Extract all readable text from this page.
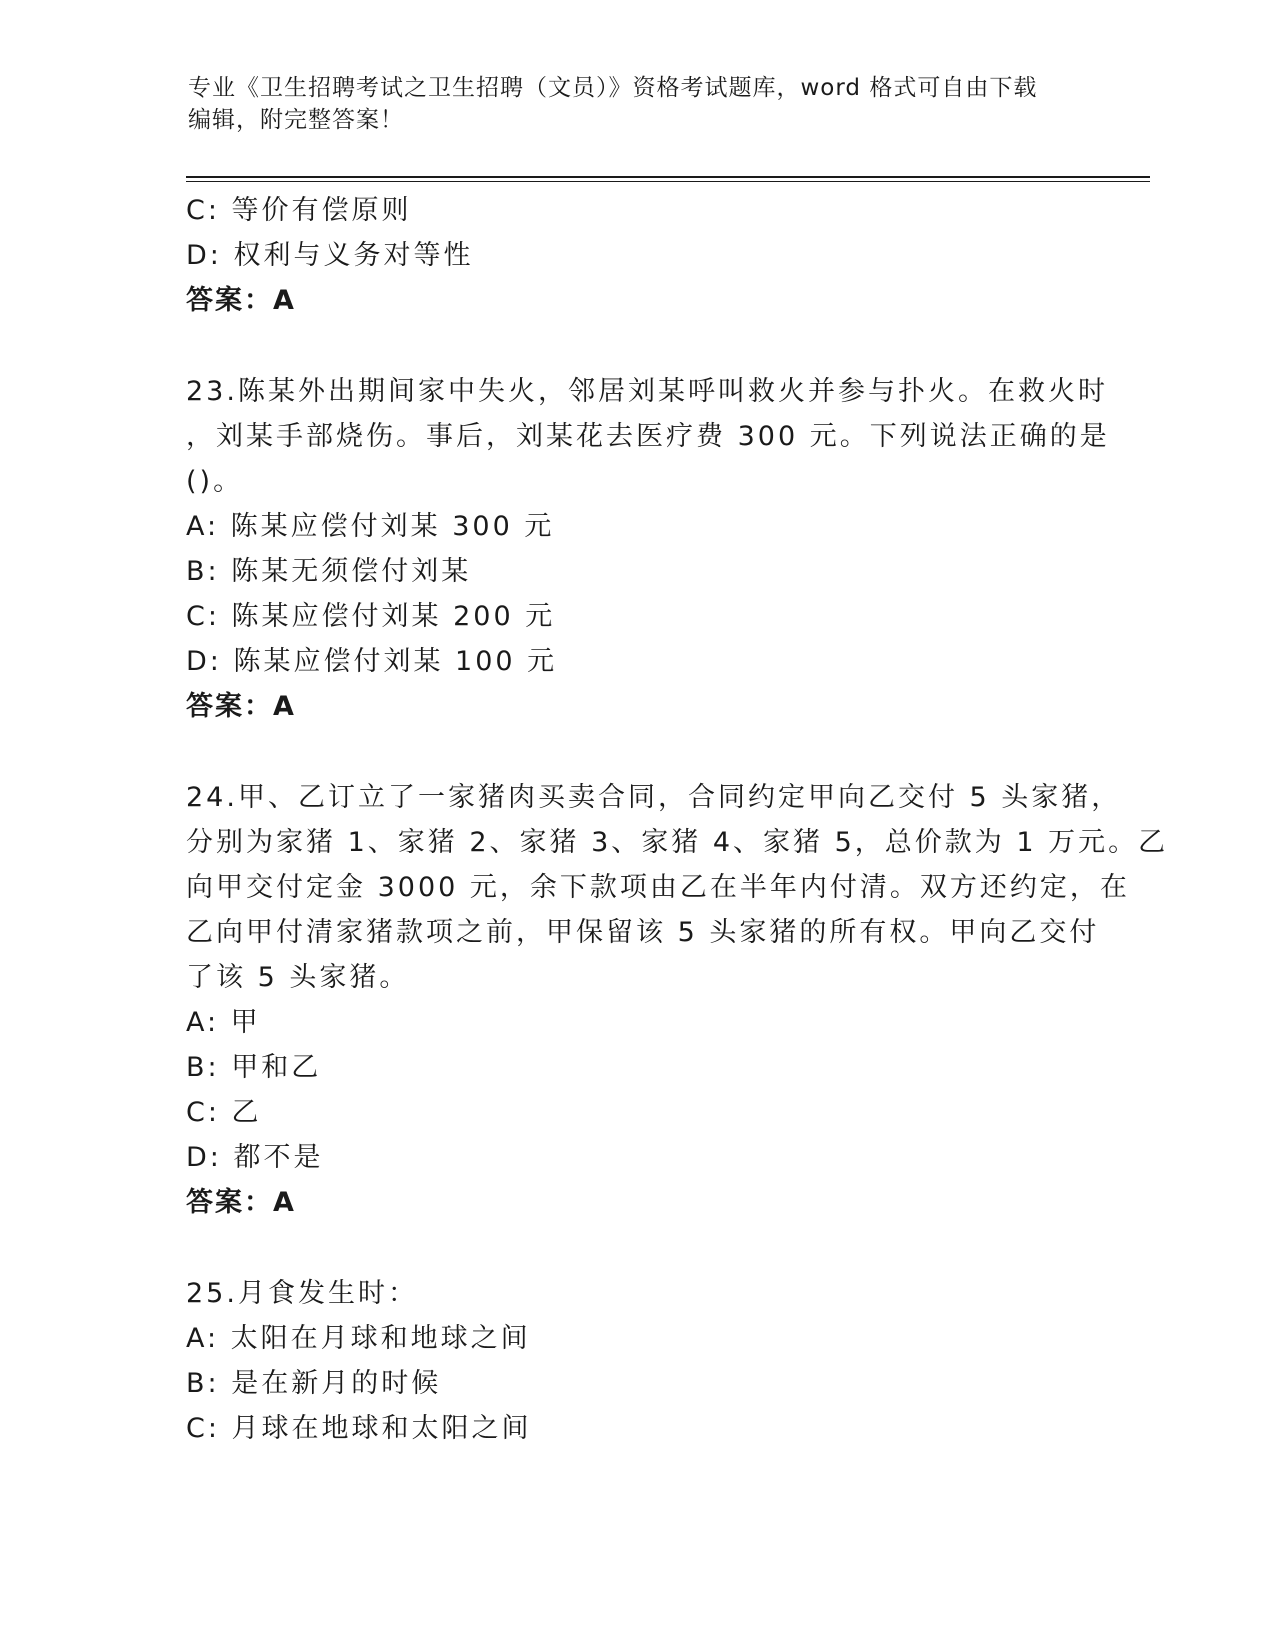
专业《卫生招聘考试之卫生招聘（文员）》资格考试题库，word 格式可自由下载
编辑，附完整答案！
C: 等价有偿原则
D: 权利与义务对等性
答案：A
23.陈某外出期间家中失火，邻居刘某呼叫救火并参与扑火。在救火时
，刘某手部烧伤。事后，刘某花去医疗费 300 元。下列说法正确的是
()。
A: 陈某应偿付刘某 300 元
B: 陈某无须偿付刘某
C: 陈某应偿付刘某 200 元
D: 陈某应偿付刘某 100 元
答案：A
24.甲、乙订立了一家猪肉买卖合同，合同约定甲向乙交付 5 头家猪，
分别为家猪 1、家猪 2、家猪 3、家猪 4、家猪 5，总价款为 1 万元。乙
向甲交付定金 3000 元，余下款项由乙在半年内付清。双方还约定，在
乙向甲付清家猪款项之前，甲保留该 5 头家猪的所有权。甲向乙交付
了该 5 头家猪。
A: 甲
B: 甲和乙
C: 乙
D: 都不是
答案：A
25.月食发生时：
A: 太阳在月球和地球之间
B: 是在新月的时候
C: 月球在地球和太阳之间
